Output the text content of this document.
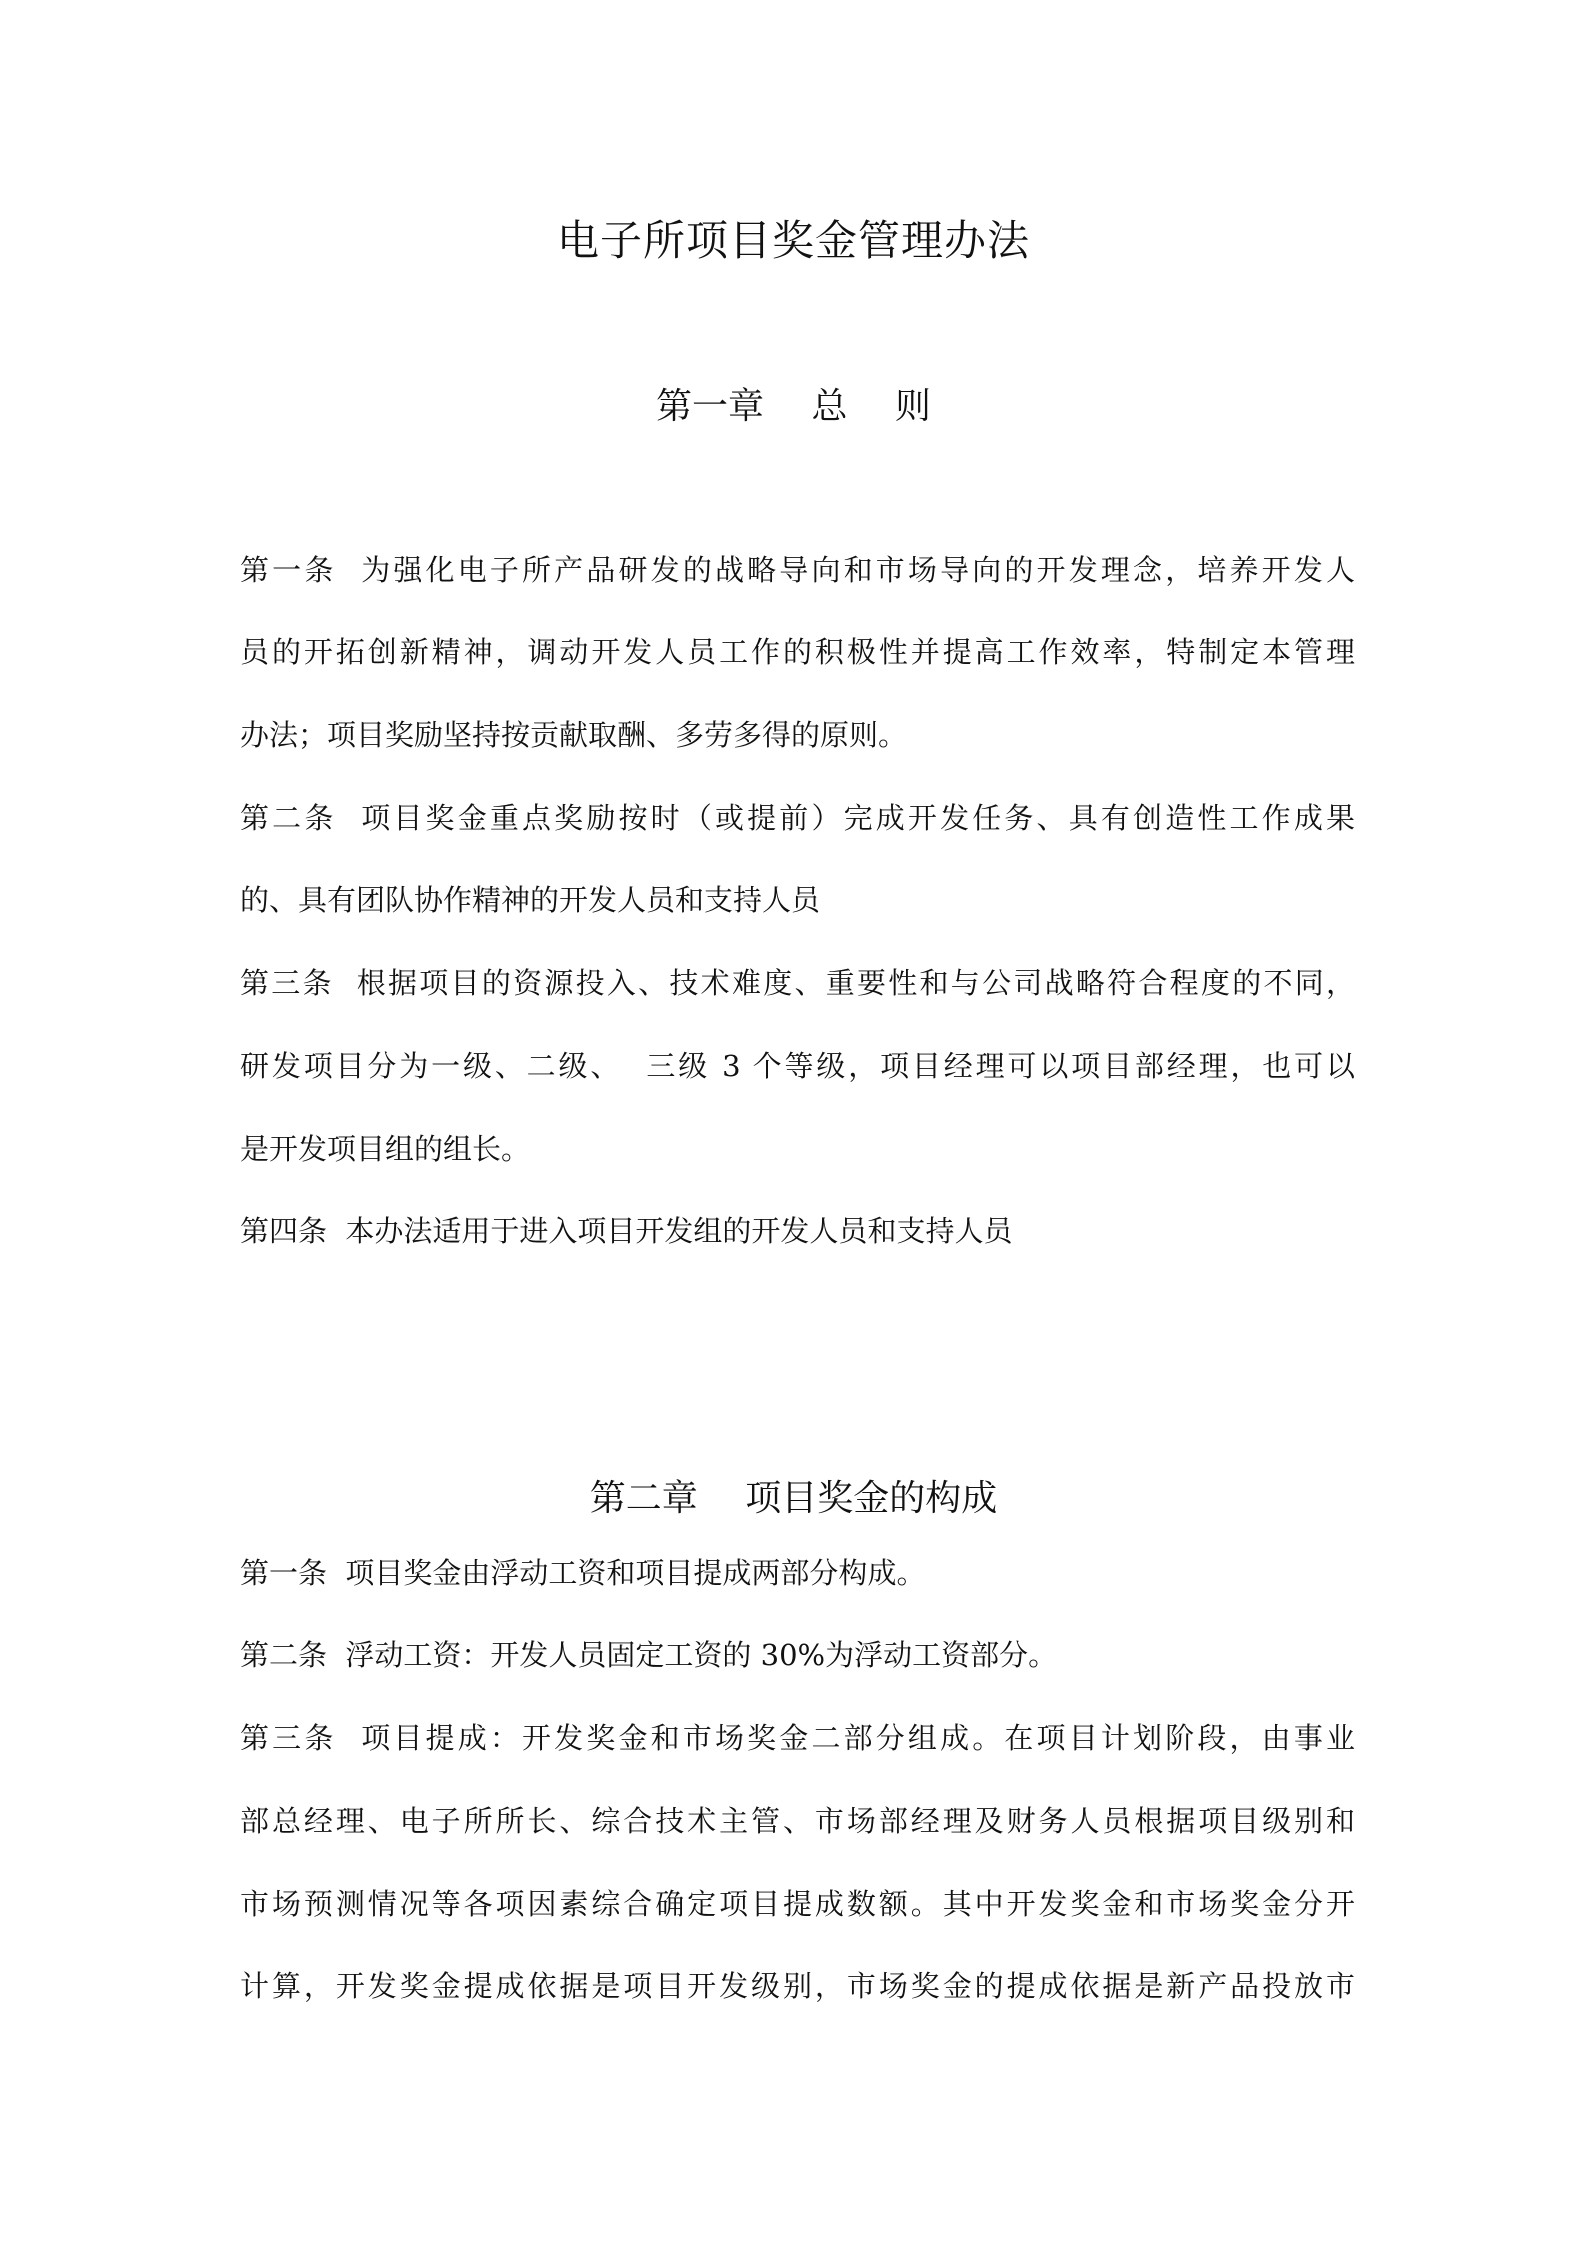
电子所项目奖金管理办法
第一章　 总　 则
第一条  为强化电子所产品研发的战略导向和市场导向的开发理念，培养开发人
员的开拓创新精神，调动开发人员工作的积极性并提高工作效率，特制定本管理
办法；项目奖励坚持按贡献取酬、多劳多得的原则。
第二条  项目奖金重点奖励按时（或提前）完成开发任务、具有创造性工作成果
的、具有团队协作精神的开发人员和支持人员
第三条  根据项目的资源投入、技术难度、重要性和与公司战略符合程度的不同，
研发项目分为一级、二级、  三级 3 个等级，项目经理可以项目部经理，也可以
是开发项目组的组长。
第四条  本办法适用于进入项目开发组的开发人员和支持人员
第二章　 项目奖金的构成
第一条  项目奖金由浮动工资和项目提成两部分构成。
第二条  浮动工资：开发人员固定工资的 30%为浮动工资部分。
第三条  项目提成：开发奖金和市场奖金二部分组成。在项目计划阶段，由事业
部总经理、电子所所长、综合技术主管、市场部经理及财务人员根据项目级别和
市场预测情况等各项因素综合确定项目提成数额。其中开发奖金和市场奖金分开
计算，开发奖金提成依据是项目开发级别，市场奖金的提成依据是新产品投放市
